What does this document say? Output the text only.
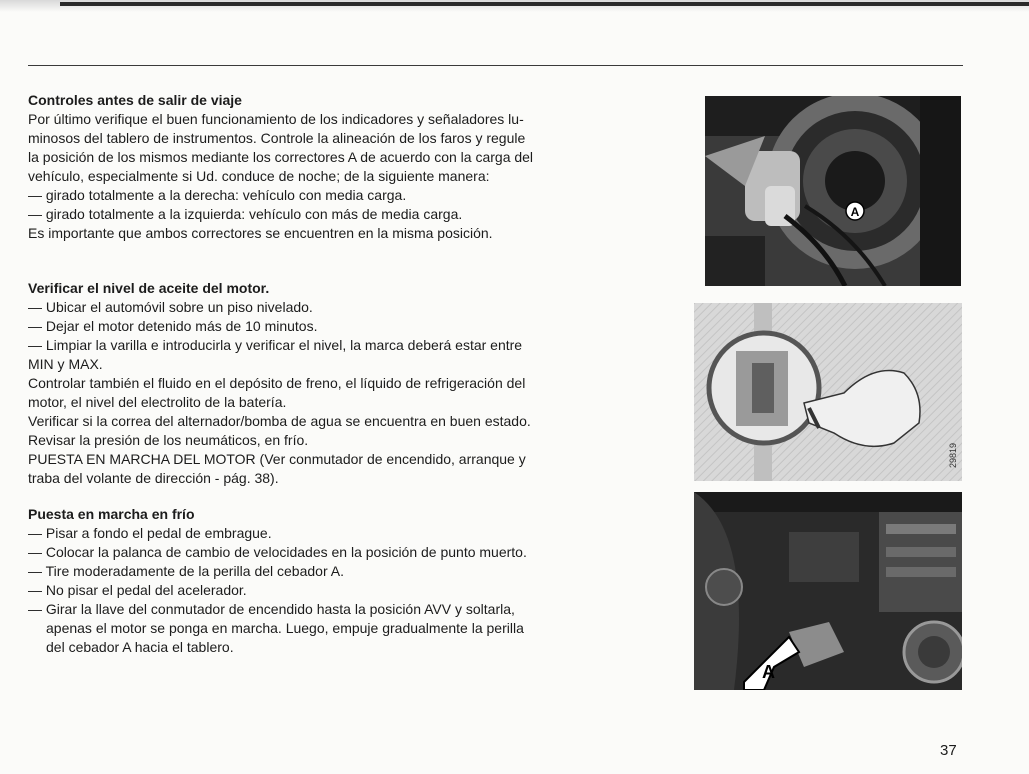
Controles antes de salir de viaje

Por último verifique el buen funcionamiento de los indicadores y señaladores lu-

minosos del tablero de instrumentos. Controle la alineación de los faros y regule

la posición de los mismos mediante los correctores A de acuerdo con la carga del

vehículo, especialmente si Ud. conduce de noche; de la siguiente manera:

— girado totalmente a la derecha: vehículo con media carga.

— girado totalmente a la izquierda: vehículo con más de media carga.

Es importante que ambos correctores se encuentren en la misma posición.

Verificar el nivel de aceite del motor.

— Ubicar el automóvil sobre un piso nivelado.

— Dejar el motor detenido más de 10 minutos.

— Limpiar la varilla e introducirla y verificar el nivel, la marca deberá estar entre

MIN y MAX.

Controlar también el fluido en el depósito de freno, el líquido de refrigeración del

motor, el nivel del electrolito de la batería.

Verificar si la correa del alternador/bomba de agua se encuentra en buen estado.

Revisar la presión de los neumáticos, en frío.

PUESTA EN MARCHA DEL MOTOR (Ver conmutador de encendido, arranque y

traba del volante de dirección - pág. 38).

Puesta en marcha en frío

— Pisar a fondo el pedal de embrague.

— Colocar la palanca de cambio de velocidades en la posición de punto muerto.

— Tire moderadamente de la perilla del cebador A.

— No pisar el pedal del acelerador.

— Girar la llave del conmutador de encendido hasta la posición AVV y soltarla,

apenas el motor se ponga en marcha. Luego, empuje gradualmente la perilla

del cebador A hacia el tablero.

A
29819
A
37
